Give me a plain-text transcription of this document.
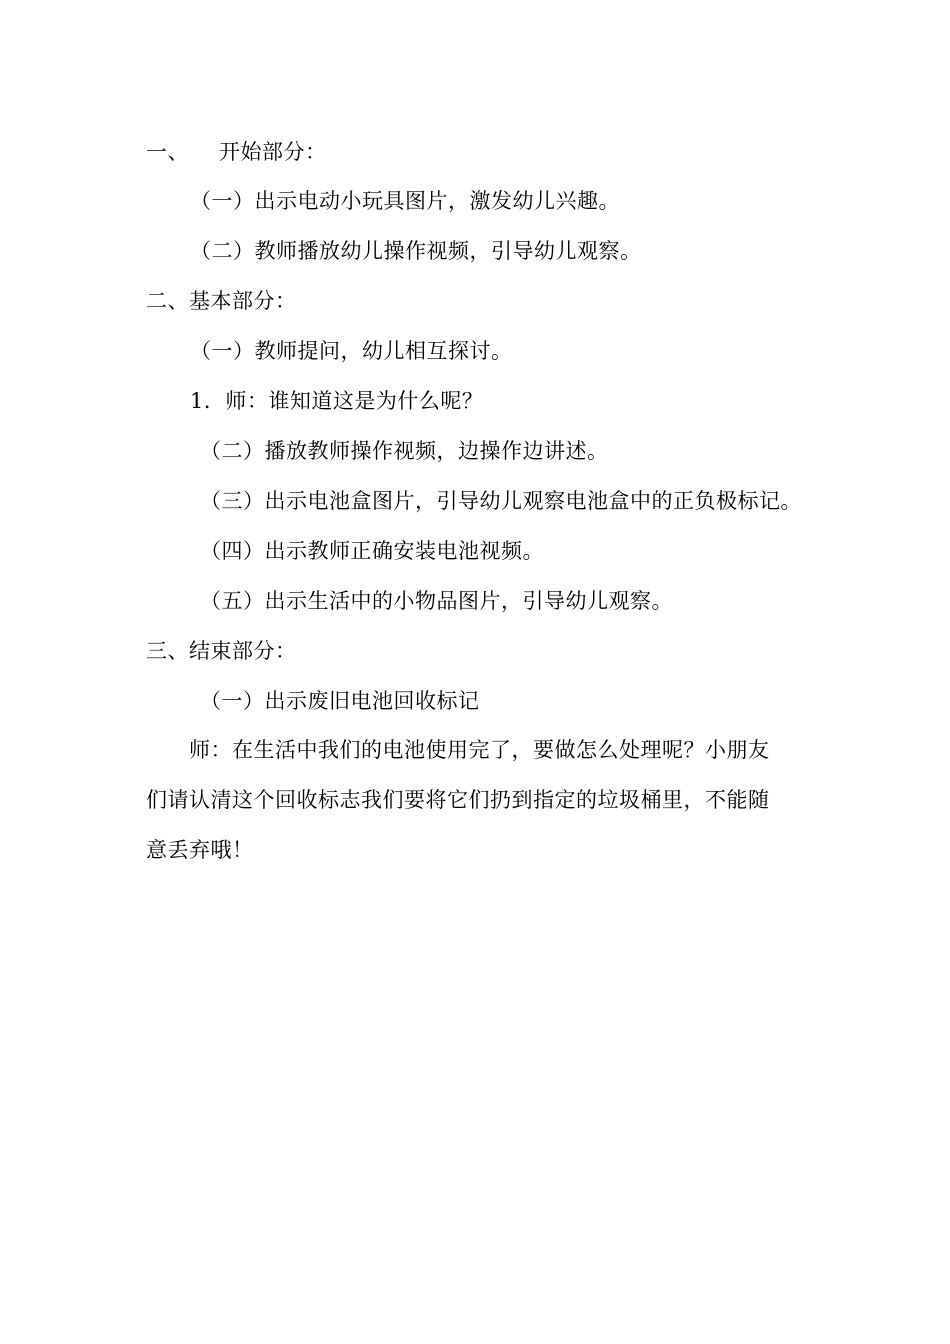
一、 开始部分：
（一）出示电动小玩具图片，激发幼儿兴趣。
（二）教师播放幼儿操作视频，引导幼儿观察。
二、基本部分：
（一）教师提问，幼儿相互探讨。
1．师：谁知道这是为什么呢？
（二）播放教师操作视频，边操作边讲述。
（三）出示电池盒图片，引导幼儿观察电池盒中的正负极标记。
（四）出示教师正确安装电池视频。
（五）出示生活中的小物品图片，引导幼儿观察。
三、结束部分：
（一）出示废旧电池回收标记
　　师：在生活中我们的电池使用完了，要做怎么处理呢？小朋友
们请认清这个回收标志我们要将它们扔到指定的垃圾桶里，不能随
意丢弃哦！
